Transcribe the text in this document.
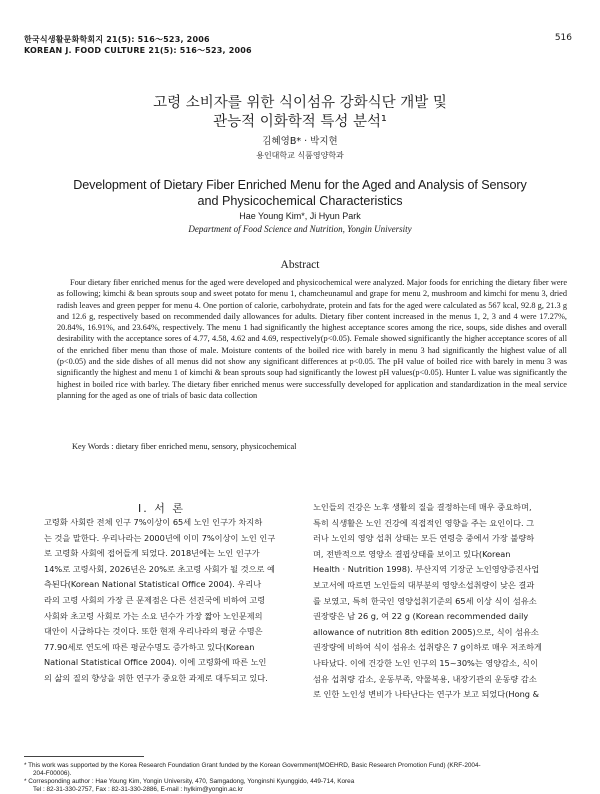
한국식생활문화학회지 21(5): 516～523, 2006
KOREAN J. FOOD CULTURE 21(5): 516～523, 2006
516
고령 소비자를 위한 식이섬유 강화식단 개발 및
관능적 이화학적 특성 분석¹
김혜영B* · 박지현
용인대학교 식품영양학과
Development of Dietary Fiber Enriched Menu for the Aged and Analysis of Sensory
and Physicochemical Characteristics
Hae Young Kim*, Ji Hyun Park
Department of Food Science and Nutrition, Yongin University
Abstract
Four dietary fiber enriched menus for the aged were developed and physicochemical were analyzed. Major foods for enriching the dietary fiber were as following; kimchi & bean sprouts soup and sweet potato for menu 1, chamcheunamul and grape for menu 2, mushroom and kimchi for menu 3, dried radish leaves and green pepper for menu 4. One portion of calorie, carbohydrate, protein and fats for the aged were calculated as 567 kcal, 92.8 g, 21.3 g and 12.6 g, respectively based on recommended daily allowances for adults. Dietary fiber content increased in the menus 1, 2, 3 and 4 were 17.27%, 20.84%, 16.91%, and 23.64%, respectively. The menu 1 had significantly the highest acceptance scores among the rice, soups, side dishes and overall desirability with the acceptance sores of 4.77, 4.58, 4.62 and 4.69, respectively(p<0.05). Female showed significantly the higher acceptance scores of all of the enriched fiber menu than those of male. Moisture contents of the boiled rice with barely in menu 3 had significantly the highest value of all (p<0.05) and the side dishes of all menus did not show any significant differences at p<0.05. The pH value of boiled rice with barely in menu 3 was significantly the highest and menu 1 of kimchi & bean sprouts soup had significantly the lowest pH values(p<0.05). Hunter L value was significantly the highest in boiled rice with barley. The dietary fiber enriched menus were successfully developed for application and standardization in the meal service planning for the aged as one of trials of basic data collection
Key Words : dietary fiber enriched menu, sensory, physicochemical
I. 서 론
고령화 사회란 전체 인구 7%이상이 65세 노인 인구가 차지하
는 것을 말한다. 우리나라는 2000년에 이미 7%이상이 노인 인구
로 고령화 사회에 접어들게 되었다. 2018년에는 노인 인구가
14%로 고령사회, 2026년은 20%로 초고령 사회가 될 것으로 예
측된다(Korean National Statistical Office 2004). 우리나
라의 고령 사회의 가장 큰 문제점은 다른 선진국에 비하여 고령
사회와 초고령 사회로 가는 소요 년수가 가장 짧아 노인문제의
대안이 시급하다는 것이다. 또한 현재 우리나라의 평균 수명은
77.90세로 연도에 따른 평균수명도 증가하고 있다(Korean
National Statistical Office 2004). 이에 고령화에 따른 노인
의 삶의 질의 향상을 위한 연구가 중요한 과제로 대두되고 있다.
노인들의 건강은 노후 생활의 질을 결정하는데 매우 중요하며,
특히 식생활은 노인 건강에 직접적인 영향을 주는 요인이다. 그
러나 노인의 영양 섭취 상태는 모든 연령층 중에서 가장 불량하
며, 전반적으로 영양소 결핍상태를 보이고 있다(Korean
Health · Nutrition 1998). 부산지역 기장군 노인영양증진사업
보고서에 따르면 노인들의 대부분의 영양소섭취량이 낮은 결과
를 보였고, 특히 한국인 영양섭취기준의 65세 이상 식이 섬유소
권장량은 남 26 g, 여 22 g (Korean recommended daily
allowance of nutrition 8th edition 2005)으로, 식이 섬유소
권장량에 비하여 식이 섬유소 섭취량은 7 g이하로 매우 저조하게
나타났다. 이에 건강한 노인 인구의 15~30%는 영양감소, 식이
섬유 섭취량 감소, 운동부족, 약물복용, 내장기관의 운동량 감소
로 인한 노인성 변비가 나타난다는 연구가 보고 되었다(Hong &
* This work was supported by the Korea Research Foundation Grant funded by the Korean Government(MOEHRD, Basic Research Promotion Fund) (KRF-2004-
204-F00006).
* Corresponding author : Hae Young Kim, Yongin University, 470, Samgadong, Yonginshi Kyunggido, 449-714, Korea
Tel : 82-31-330-2757, Fax : 82-31-330-2886, E-mail : hylkim@yongin.ac.kr
